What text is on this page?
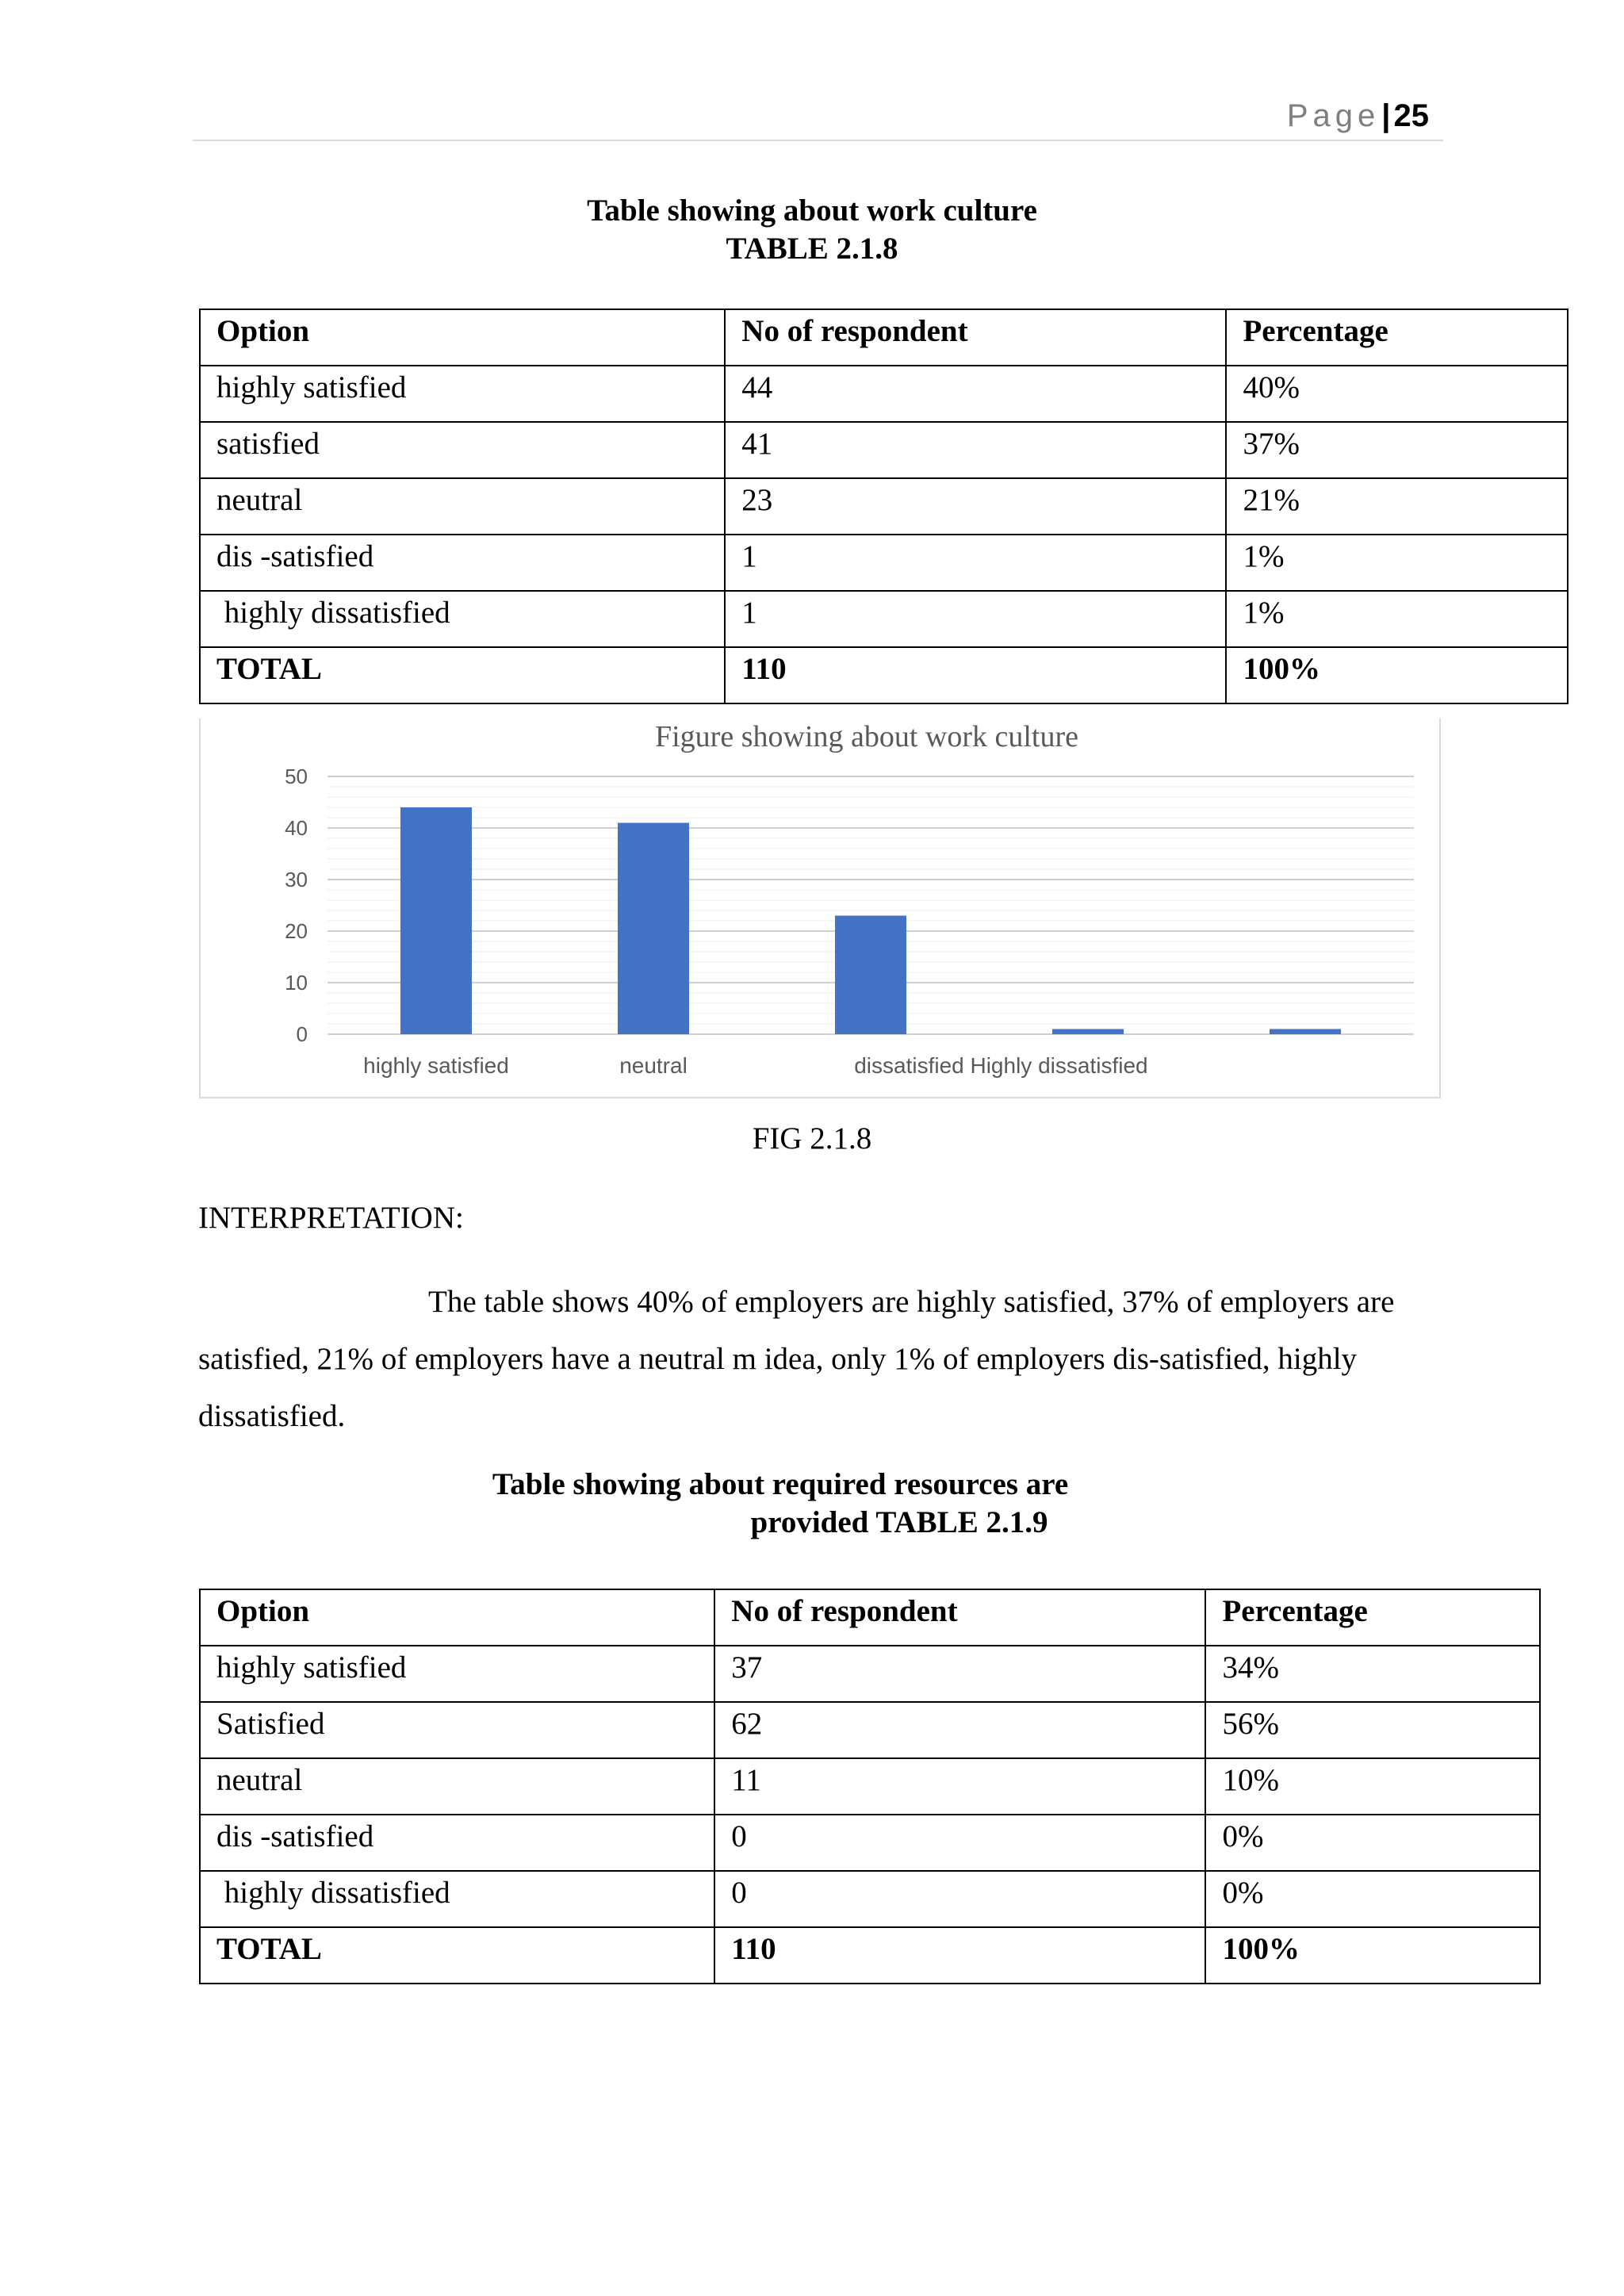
Page| 25
Table showing about work culture
TABLE 2.1.8
Option	No of respondent	Percentage
highly satisfied	44	40%
satisfied	41	37%
neutral	23	21%
dis -satisfied	1	1%
highly dissatisfied	1	1%
TOTAL	110	100%
Figure showing about work culture
0
10
20
30
40
50
highly satisfied	neutral	dissatisfied Highly dissatisfied
FIG 2.1.8
INTERPRETATION:
The table shows 40% of employers are highly satisfied, 37% of employers are satisfied, 21% of employers have a neutral m idea, only 1% of employers dis-satisfied, highly dissatisfied.
Table showing about required resources are
provided TABLE 2.1.9
Option	No of respondent	Percentage
highly satisfied	37	34%
Satisfied	62	56%
neutral	11	10%
dis -satisfied	0	0%
highly dissatisfied	0	0%
TOTAL	110	100%
